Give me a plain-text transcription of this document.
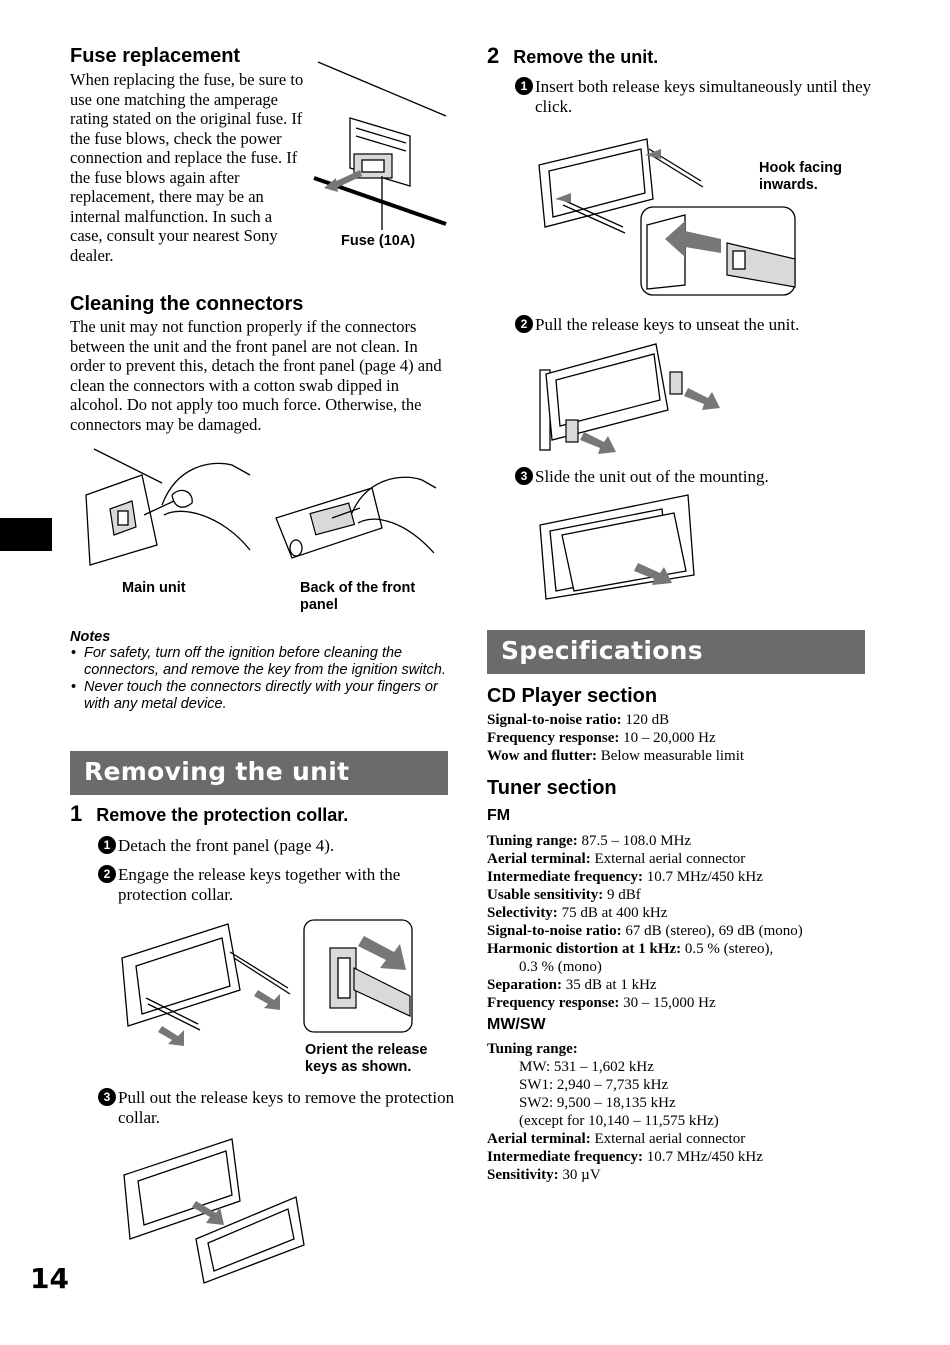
Fuse replacement
When replacing the fuse, be sure to use one matching the amperage rating stated on the original fuse. If the fuse blows, check the power connection and replace the fuse. If the fuse blows again after replacement, there may be an internal malfunction. In such a case, consult your nearest Sony dealer.
Fuse (10A)
Cleaning the connectors
The unit may not function properly if the connectors between the unit and the front panel are not clean. In order to prevent this, detach the front panel (page 4) and clean the connectors with a cotton swab dipped in alcohol. Do not apply too much force. Otherwise, the connectors may be damaged.
Main unit	Back of the front panel
Notes
• For safety, turn off the ignition before cleaning the connectors, and remove the key from the ignition switch.
• Never touch the connectors directly with your fingers or with any metal device.
Removing the unit
1 Remove the protection collar.
1 Detach the front panel (page 4).
2 Engage the release keys together with the protection collar.
Orient the release keys as shown.
3 Pull out the release keys to remove the protection collar.
14
2 Remove the unit.
1 Insert both release keys simultaneously until they click.
Hook facing inwards.
2 Pull the release keys to unseat the unit.
3 Slide the unit out of the mounting.
Specifications
CD Player section
Signal-to-noise ratio: 120 dB
Frequency response: 10 – 20,000 Hz
Wow and flutter: Below measurable limit
Tuner section
FM
Tuning range: 87.5 – 108.0 MHz
Aerial terminal: External aerial connector
Intermediate frequency: 10.7 MHz/450 kHz
Usable sensitivity: 9 dBf
Selectivity: 75 dB at 400 kHz
Signal-to-noise ratio: 67 dB (stereo), 69 dB (mono)
Harmonic distortion at 1 kHz: 0.5 % (stereo),
0.3 % (mono)
Separation: 35 dB at 1 kHz
Frequency response: 30 – 15,000 Hz
MW/SW
Tuning range:
MW: 531 – 1,602 kHz
SW1: 2,940 – 7,735 kHz
SW2: 9,500 – 18,135 kHz
(except for 10,140 – 11,575 kHz)
Aerial terminal: External aerial connector
Intermediate frequency: 10.7 MHz/450 kHz
Sensitivity: 30 µV
